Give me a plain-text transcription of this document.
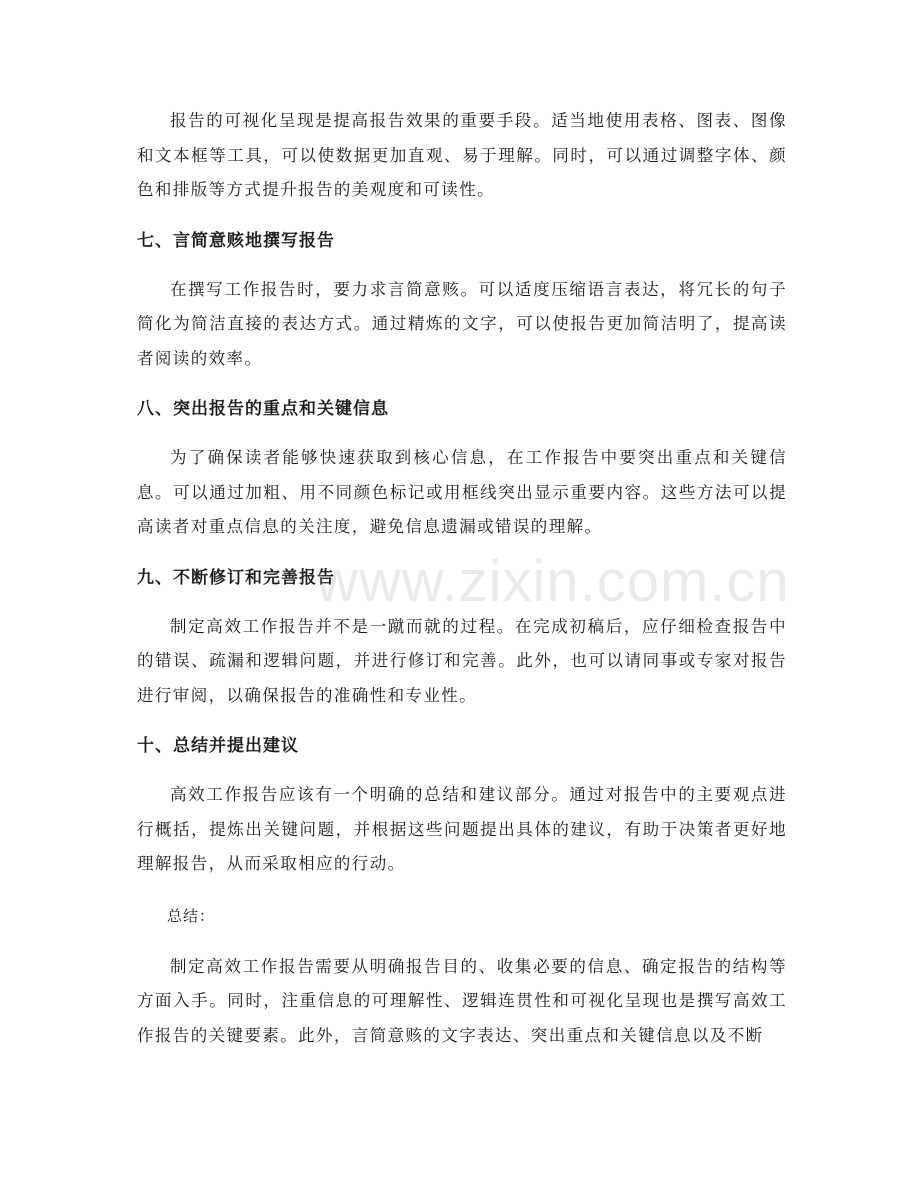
报告的可视化呈现是提高报告效果的重要手段。适当地使用表格、图表、图像和文本框等工具，可以使数据更加直观、易于理解。同时，可以通过调整字体、颜色和排版等方式提升报告的美观度和可读性。

七、言简意赅地撰写报告

在撰写工作报告时，要力求言简意赅。可以适度压缩语言表达，将冗长的句子简化为简洁直接的表达方式。通过精炼的文字，可以使报告更加简洁明了，提高读者阅读的效率。

八、突出报告的重点和关键信息

为了确保读者能够快速获取到核心信息，在工作报告中要突出重点和关键信息。可以通过加粗、用不同颜色标记或用框线突出显示重要内容。这些方法可以提高读者对重点信息的关注度，避免信息遗漏或错误的理解。

九、不断修订和完善报告

制定高效工作报告并不是一蹴而就的过程。在完成初稿后，应仔细检查报告中的错误、疏漏和逻辑问题，并进行修订和完善。此外，也可以请同事或专家对报告进行审阅，以确保报告的准确性和专业性。

十、总结并提出建议

高效工作报告应该有一个明确的总结和建议部分。通过对报告中的主要观点进行概括，提炼出关键问题，并根据这些问题提出具体的建议，有助于决策者更好地理解报告，从而采取相应的行动。

总结：

制定高效工作报告需要从明确报告目的、收集必要的信息、确定报告的结构等方面入手。同时，注重信息的可理解性、逻辑连贯性和可视化呈现也是撰写高效工作报告的关键要素。此外，言简意赅的文字表达、突出重点和关键信息以及不断

www.zixin.com.cn
